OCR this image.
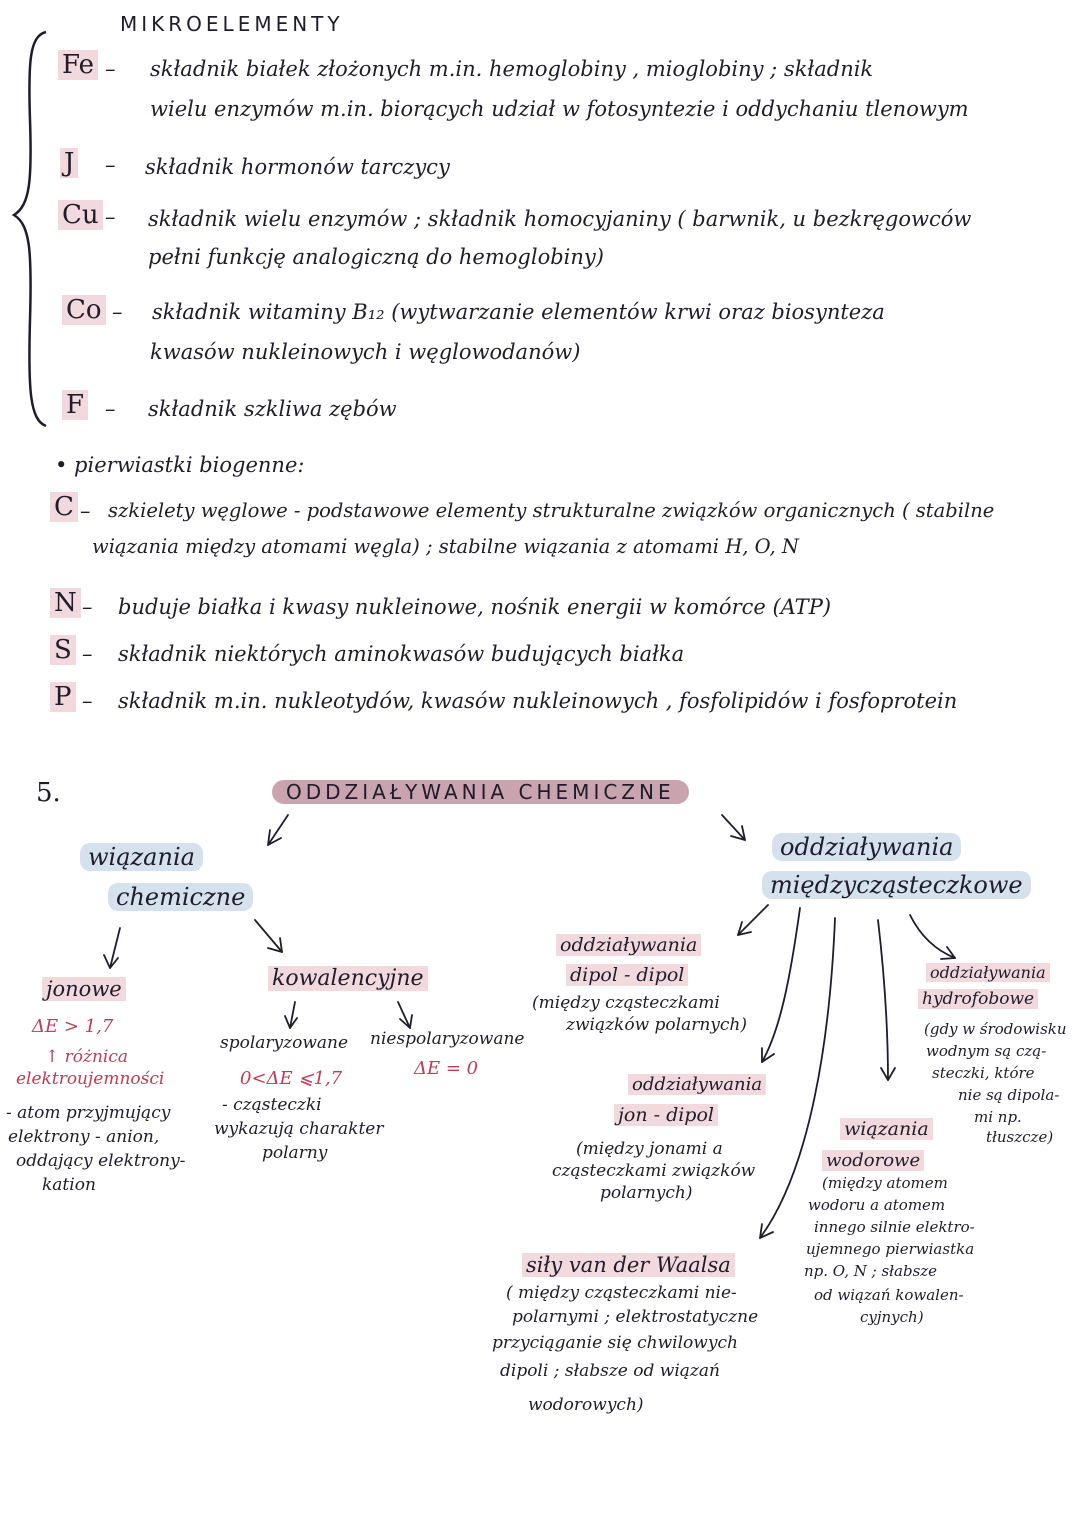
MIKROELEMENTY
Fe – składnik białek złożonych m.in. hemoglobiny , mioglobiny ; składnik
wielu enzymów m.in. biorących udział w fotosyntezie i oddychaniu tlenowym
J – składnik hormonów tarczycy
Cu – składnik wielu enzymów ; składnik homocyjaniny ( barwnik, u bezkręgowców
pełni funkcję analogiczną do hemoglobiny)
Co – składnik witaminy B₁₂ (wytwarzanie elementów krwi oraz biosynteza
kwasów nukleinowych i węglowodanów)
F – składnik szkliwa zębów
• pierwiastki biogenne:
C – szkielety węglowe - podstawowe elementy strukturalne związków organicznych ( stabilne
wiązania między atomami węgla) ; stabilne wiązania z atomami H, O, N
N – buduje białka i kwasy nukleinowe, nośnik energii w komórce (ATP)
S – składnik niektórych aminokwasów budujących białka
P – składnik m.in. nukleotydów, kwasów nukleinowych , fosfolipidów i fosfoprotein
5.	ODDZIAŁYWANIA CHEMICZNE
wiązania
chemiczne
jonowe
ΔE > 1,7
↑ różnica
elektroujemności
- atom przyjmujący
elektrony - anion,
oddający elektrony-
kation
kowalencyjne
spolaryzowane niespolaryzowane
0<ΔE ⩽1,7	ΔE = 0
- cząsteczki
wykazują charakter
polarny
oddziaływania
międzycząsteczkowe
oddziaływania
dipol - dipol
(między cząsteczkami
związków polarnych)
oddziaływania
jon - dipol
(między jonami a
cząsteczkami związków
polarnych)
siły van der Waalsa
( między cząsteczkami nie-
polarnymi ; elektrostatyczne
przyciąganie się chwilowych
dipoli ; słabsze od wiązań
wodorowych)
wiązania
wodorowe
(między atomem
wodoru a atomem
innego silnie elektro-
ujemnego pierwiastka
np. O, N ; słabsze
od wiązań kowalen-
cyjnych)
oddziaływania
hydrofobowe
(gdy w środowisku
wodnym są czą-
steczki, które
nie są dipola-
mi np.
tłuszcze)
